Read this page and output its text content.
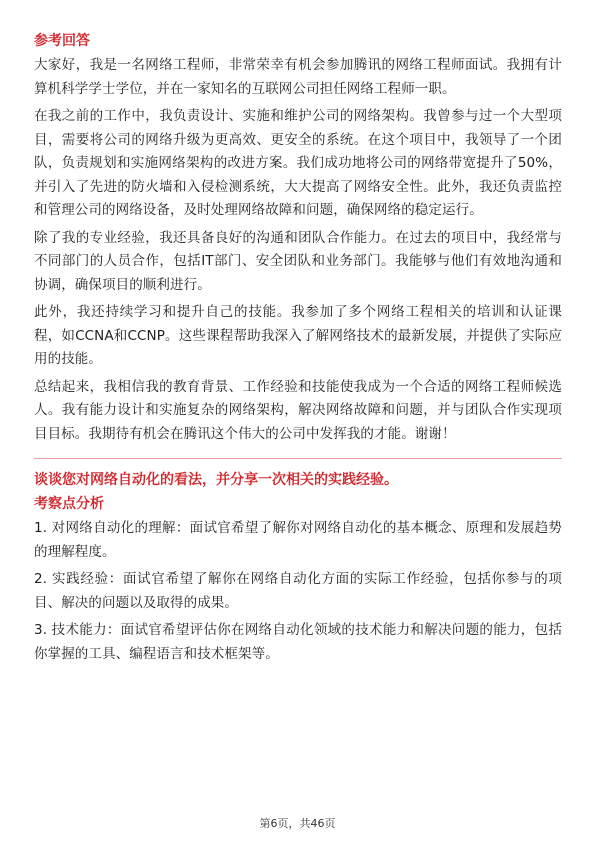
参考回答

大家好，我是一名网络工程师，非常荣幸有机会参加腾讯的网络工程师面试。我拥有计算机科学学士学位，并在一家知名的互联网公司担任网络工程师一职。

在我之前的工作中，我负责设计、实施和维护公司的网络架构。我曾参与过一个大型项目，需要将公司的网络升级为更高效、更安全的系统。在这个项目中，我领导了一个团队，负责规划和实施网络架构的改进方案。我们成功地将公司的网络带宽提升了50%，并引入了先进的防火墙和入侵检测系统，大大提高了网络安全性。此外，我还负责监控和管理公司的网络设备，及时处理网络故障和问题，确保网络的稳定运行。

除了我的专业经验，我还具备良好的沟通和团队合作能力。在过去的项目中，我经常与不同部门的人员合作，包括IT部门、安全团队和业务部门。我能够与他们有效地沟通和协调，确保项目的顺利进行。

此外，我还持续学习和提升自己的技能。我参加了多个网络工程相关的培训和认证课程，如CCNA和CCNP。这些课程帮助我深入了解网络技术的最新发展，并提供了实际应用的技能。

总结起来，我相信我的教育背景、工作经验和技能使我成为一个合适的网络工程师候选人。我有能力设计和实施复杂的网络架构，解决网络故障和问题，并与团队合作实现项目目标。我期待有机会在腾讯这个伟大的公司中发挥我的才能。谢谢！

谈谈您对网络自动化的看法，并分享一次相关的实践经验。
考察点分析

1. 对网络自动化的理解：面试官希望了解你对网络自动化的基本概念、原理和发展趋势的理解程度。

2. 实践经验：面试官希望了解你在网络自动化方面的实际工作经验，包括你参与的项目、解决的问题以及取得的成果。

3. 技术能力：面试官希望评估你在网络自动化领域的技术能力和解决问题的能力，包括你掌握的工具、编程语言和技术框架等。

第6页，共46页
